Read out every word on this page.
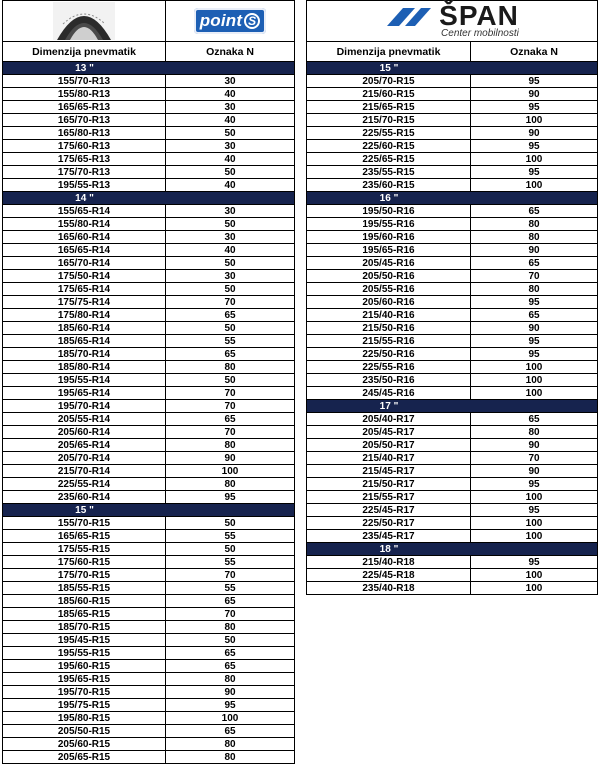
point S
Dimenzija pnevmatik	Oznaka N
13 "
155/70-R13	30
155/80-R13	40
165/65-R13	30
165/70-R13	40
165/80-R13	50
175/60-R13	30
175/65-R13	40
175/70-R13	50
195/55-R13	40
14 "
155/65-R14	30
155/80-R14	50
165/60-R14	30
165/65-R14	40
165/70-R14	50
175/50-R14	30
175/65-R14	50
175/75-R14	70
175/80-R14	65
185/60-R14	50
185/65-R14	55
185/70-R14	65
185/80-R14	80
195/55-R14	50
195/65-R14	70
195/70-R14	70
205/55-R14	65
205/60-R14	70
205/65-R14	80
205/70-R14	90
215/70-R14	100
225/55-R14	80
235/60-R14	95
15 "
155/70-R15	50
165/65-R15	55
175/55-R15	50
175/60-R15	55
175/70-R15	70
185/55-R15	55
185/60-R15	65
185/65-R15	70
185/70-R15	80
195/45-R15	50
195/55-R15	65
195/60-R15	65
195/65-R15	80
195/70-R15	90
195/75-R15	95
195/80-R15	100
205/50-R15	65
205/60-R15	80
205/65-R15	80
ŠPAN
Center mobilnosti
Dimenzija pnevmatik	Oznaka N
15 "
205/70-R15	95
215/60-R15	90
215/65-R15	95
215/70-R15	100
225/55-R15	90
225/60-R15	95
225/65-R15	100
235/55-R15	95
235/60-R15	100
16 "
195/50-R16	65
195/55-R16	80
195/60-R16	80
195/65-R16	90
205/45-R16	65
205/50-R16	70
205/55-R16	80
205/60-R16	95
215/40-R16	65
215/50-R16	90
215/55-R16	95
225/50-R16	95
225/55-R16	100
235/50-R16	100
245/45-R16	100
17 "
205/40-R17	65
205/45-R17	80
205/50-R17	90
215/40-R17	70
215/45-R17	90
215/50-R17	95
215/55-R17	100
225/45-R17	95
225/50-R17	100
235/45-R17	100
18 "
215/40-R18	95
225/45-R18	100
235/40-R18	100
